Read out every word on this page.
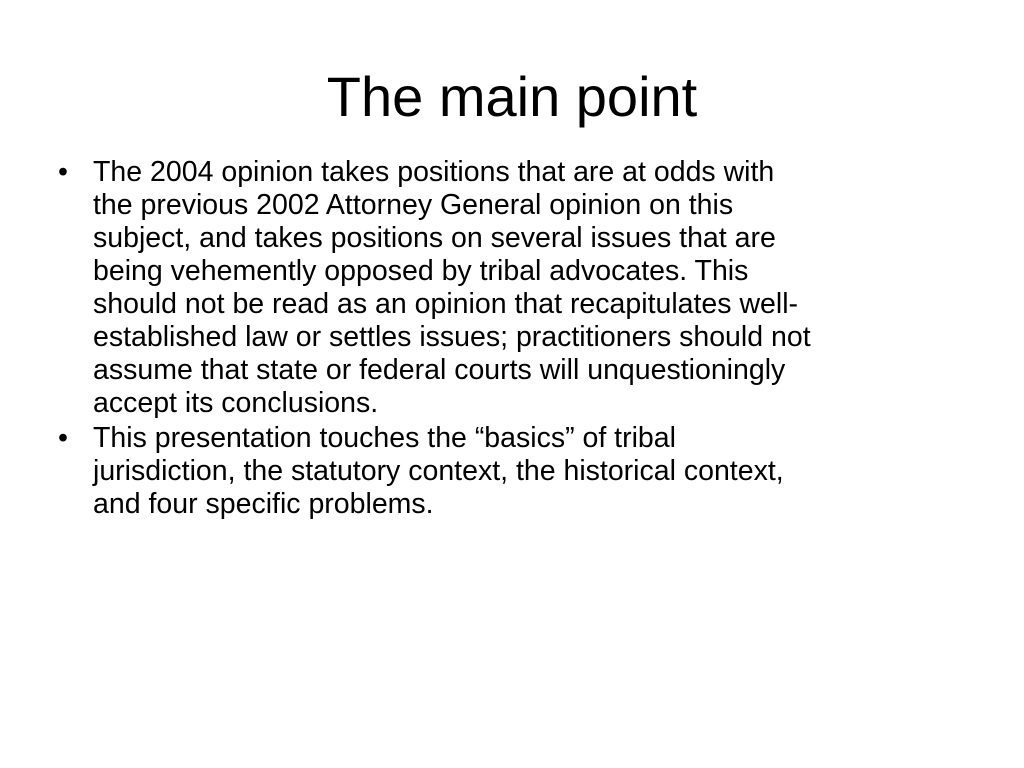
The main point
• The 2004 opinion takes positions that are at odds with
the previous 2002 Attorney General opinion on this
subject, and takes positions on several issues that are
being vehemently opposed by tribal advocates. This
should not be read as an opinion that recapitulates well-
established law or settles issues; practitioners should not
assume that state or federal courts will unquestioningly
accept its conclusions.
• This presentation touches the “basics” of tribal
jurisdiction, the statutory context, the historical context,
and four specific problems.
